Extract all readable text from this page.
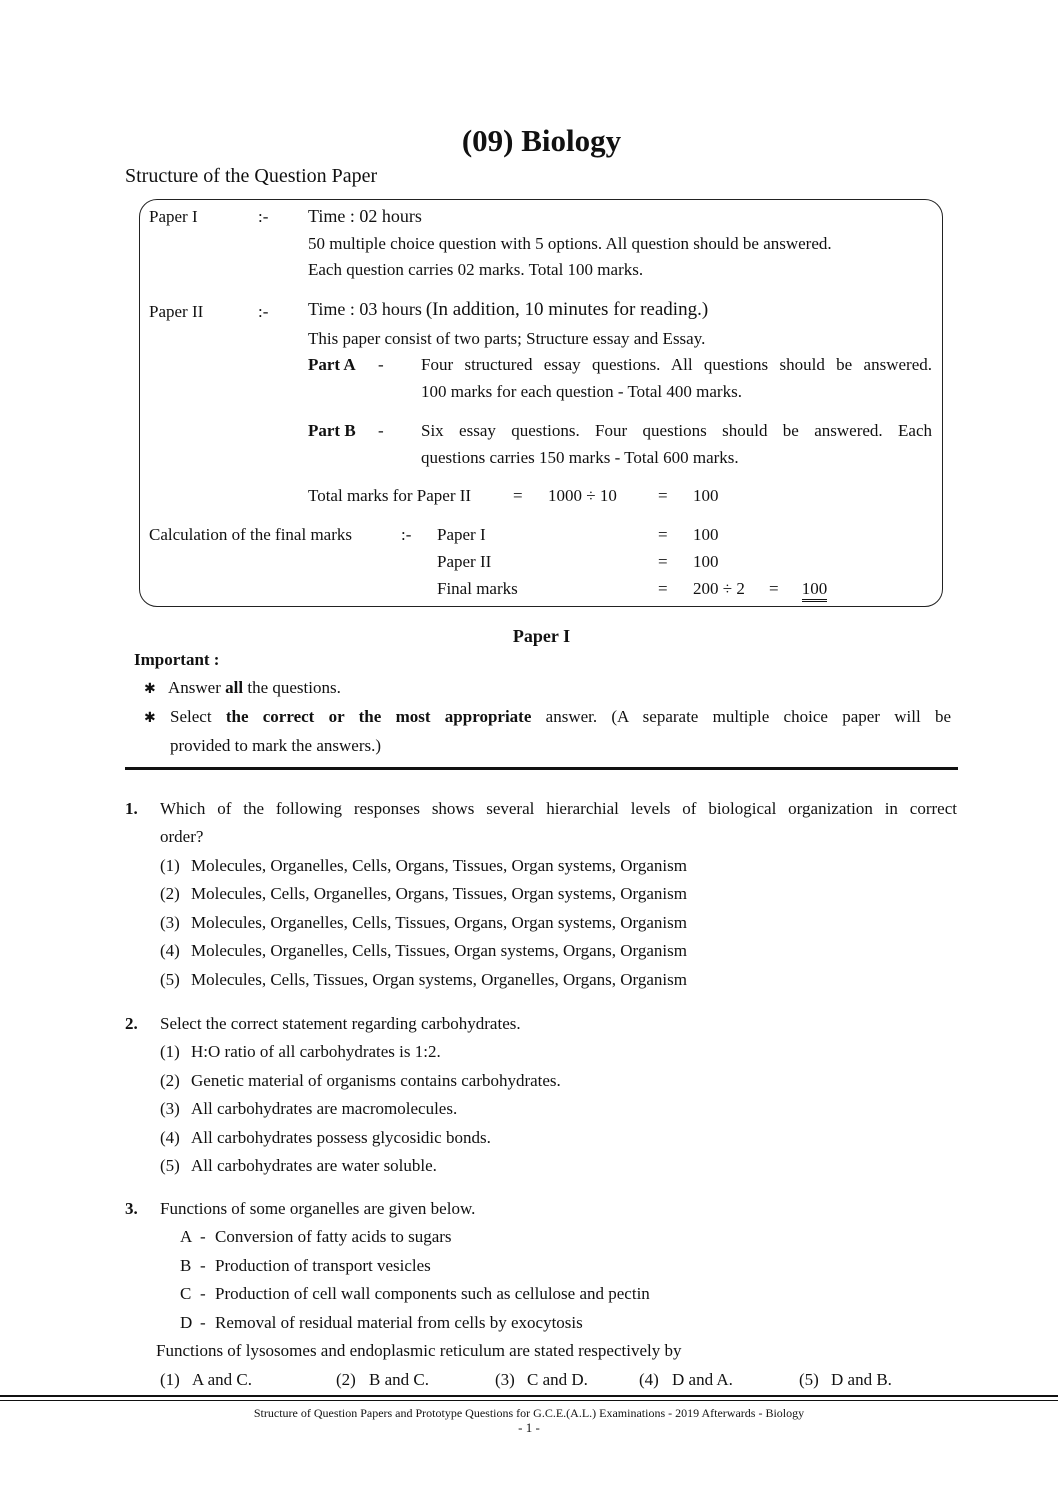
(09) Biology
Structure of the Question Paper
Paper I	:- Time : 02 hours
50 multiple choice question with 5 options. All question should be answered.
Each question carries 02 marks. Total 100 marks.
Paper II	:- Time : 03 hours (In addition, 10 minutes for reading.)
This paper consist of two parts; Structure essay and Essay.
Part A - Four structured essay questions. All questions should be answered.
100 marks for each question - Total 400 marks.
Part B - Six essay questions. Four questions should be answered. Each
questions carries 150 marks - Total 600 marks.
Total marks for Paper II = 1000 ÷ 10 = 100
Calculation of the final marks	:- Paper I	= 100
Paper II	= 100
Final marks	= 200 ÷ 2 =	100
Paper I
Important :
✱ Answer all the questions.
✱ Select the correct or the most appropriate answer. (A separate multiple choice paper will be
provided to mark the answers.)
1. Which of the following responses shows several hierarchial levels of biological organization in correct
order?
(1) Molecules, Organelles, Cells, Organs, Tissues, Organ systems, Organism
(2) Molecules, Cells, Organelles, Organs, Tissues, Organ systems, Organism
(3) Molecules, Organelles, Cells, Tissues, Organs, Organ systems, Organism
(4) Molecules, Organelles, Cells, Tissues, Organ systems, Organs, Organism
(5) Molecules, Cells, Tissues, Organ systems, Organelles, Organs, Organism
2. Select the correct statement regarding carbohydrates.
(1) H:O ratio of all carbohydrates is 1:2.
(2) Genetic material of organisms contains carbohydrates.
(3) All carbohydrates are macromolecules.
(4) All carbohydrates possess glycosidic bonds.
(5) All carbohydrates are water soluble.
3. Functions of some organelles are given below.
A - Conversion of fatty acids to sugars
B - Production of transport vesicles
C - Production of cell wall components such as cellulose and pectin
D - Removal of residual material from cells by exocytosis
Functions of lysosomes and endoplasmic reticulum are stated respectively by
(1) A and C.	(2) B and C.	(3) C and D.	(4) D and A.	(5) D and B.
Structure of Question Papers and Prototype Questions for G.C.E.(A.L.) Examinations - 2019 Afterwards - Biology
- 1 -
